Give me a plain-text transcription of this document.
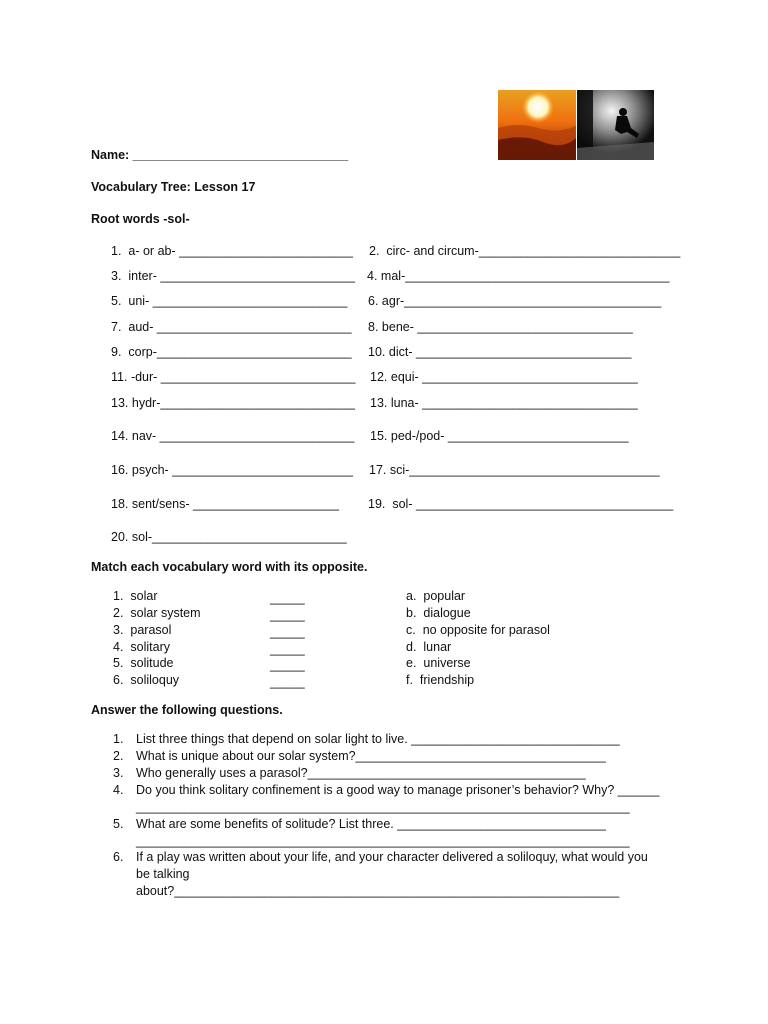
Name: _______________________________
Vocabulary Tree: Lesson 17
Root words -sol-
1. a- or ab- _________________________
3. inter- ____________________________
5. uni- ____________________________
7. aud- ____________________________
9. corp-____________________________
11. -dur- ____________________________
13. hydr-____________________________
14. nav- ____________________________
16. psych- __________________________
18. sent/sens- _____________________
20. sol-____________________________
2. circ- and circum-_____________________________
4. mal-______________________________________
6. agr-_____________________________________
8. bene- _______________________________
10. dict- _______________________________
12. equi- _______________________________
13. luna- _______________________________
15. ped-/pod- __________________________
17. sci-____________________________________
19. sol- _____________________________________
Match each vocabulary word with its opposite.
1. solar
2. solar system
3. parasol
4. solitary
5. solitude
6. soliloquy
_____
_____
_____
_____
_____
_____
a. popular
b. dialogue
c. no opposite for parasol
d. lunar
e. universe
f. friendship
Answer the following questions.
1. List three things that depend on solar light to live. ______________________________
2. What is unique about our solar system?____________________________________
3. Who generally uses a parasol?________________________________________
4. Do you think solitary confinement is a good way to manage prisoner’s behavior? Why? ______
_______________________________________________________________________
5. What are some benefits of solitude? List three. ______________________________
_______________________________________________________________________
6. If a play was written about your life, and your character delivered a soliloquy, what would you
be talking
about?________________________________________________________________
